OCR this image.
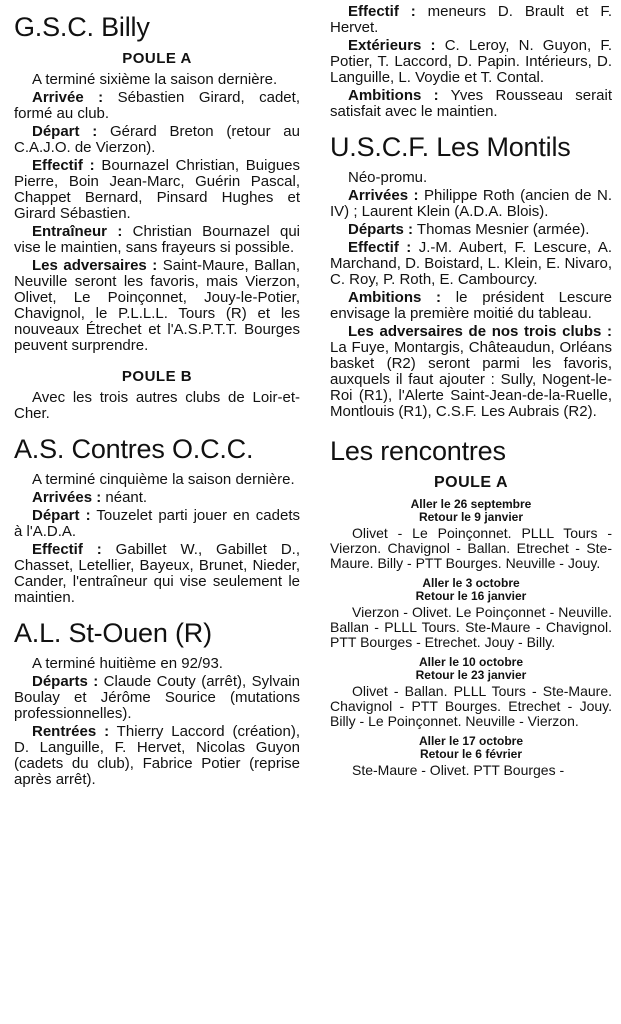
G.S.C. Billy
POULE A

A terminé sixième la saison dernière.

Arrivée : Sébastien Girard, cadet, formé au club.

Départ : Gérard Breton (retour au C.A.J.O. de Vierzon).

Effectif : Bournazel Christian, Buigues Pierre, Boin Jean-Marc, Guérin Pascal, Chappet Bernard, Pinsard Hughes et Girard Sébastien.

Entraîneur : Christian Bournazel qui vise le maintien, sans frayeurs si possible.

Les adversaires : Saint-Maure, Ballan, Neuville seront les favoris, mais Vierzon, Olivet, Le Poinçonnet, Jouy-le-Potier, Chavignol, le P.L.L.L. Tours (R) et les nouveaux Étrechet et l'A.S.P.T.T. Bourges peuvent surprendre.

POULE B

Avec les trois autres clubs de Loir-et-Cher.

A.S. Contres O.C.C.

A terminé cinquième la saison dernière.

Arrivées : néant.

Départ : Touzelet parti jouer en cadets à l'A.D.A.

Effectif : Gabillet W., Gabillet D., Chasset, Letellier, Bayeux, Brunet, Nieder, Cander, l'entraîneur qui vise seulement le maintien.

A.L. St-Ouen (R)

A terminé huitième en 92/93.

Départs : Claude Couty (arrêt), Sylvain Boulay et Jérôme Sourice (mutations professionnelles).

Rentrées : Thierry Laccord (création), D. Languille, F. Hervet, Nicolas Guyon (cadets du club), Fabrice Potier (reprise après arrêt).

Effectif : meneurs D. Brault et F. Hervet.

Extérieurs : C. Leroy, N. Guyon, F. Potier, T. Laccord, D. Papin. Intérieurs, D. Languille, L. Voydie et T. Contal.

Ambitions : Yves Rousseau serait satisfait avec le maintien.

U.S.C.F. Les Montils

Néo-promu.

Arrivées : Philippe Roth (ancien de N. IV) ; Laurent Klein (A.D.A. Blois).

Départs : Thomas Mesnier (armée).

Effectif : J.-M. Aubert, F. Lescure, A. Marchand, D. Boistard, L. Klein, E. Nivaro, C. Roy, P. Roth, E. Cambourcy.

Ambitions : le président Lescure envisage la première moitié du tableau.

Les adversaires de nos trois clubs : La Fuye, Montargis, Châteaudun, Orléans basket (R2) seront parmi les favoris, auxquels il faut ajouter : Sully, Nogent-le-Roi (R1), l'Alerte Saint-Jean-de-la-Ruelle, Montlouis (R1), C.S.F. Les Aubrais (R2).

Les rencontres
POULE A
Aller le 26 septembre
Retour le 9 janvier

Olivet - Le Poinçonnet. PLLL Tours - Vierzon. Chavignol - Ballan. Etrechet - Ste-Maure. Billy - PTT Bourges. Neuville - Jouy.

Aller le 3 octobre
Retour le 16 janvier

Vierzon - Olivet. Le Poinçonnet - Neuville. Ballan - PLLL Tours. Ste-Maure - Chavignol. PTT Bourges - Etrechet. Jouy - Billy.

Aller le 10 octobre
Retour le 23 janvier

Olivet - Ballan. PLLL Tours - Ste-Maure. Chavignol - PTT Bourges. Etrechet - Jouy. Billy - Le Poinçonnet. Neuville - Vierzon.

Aller le 17 octobre
Retour le 6 février

Ste-Maure - Olivet. PTT Bourges -
